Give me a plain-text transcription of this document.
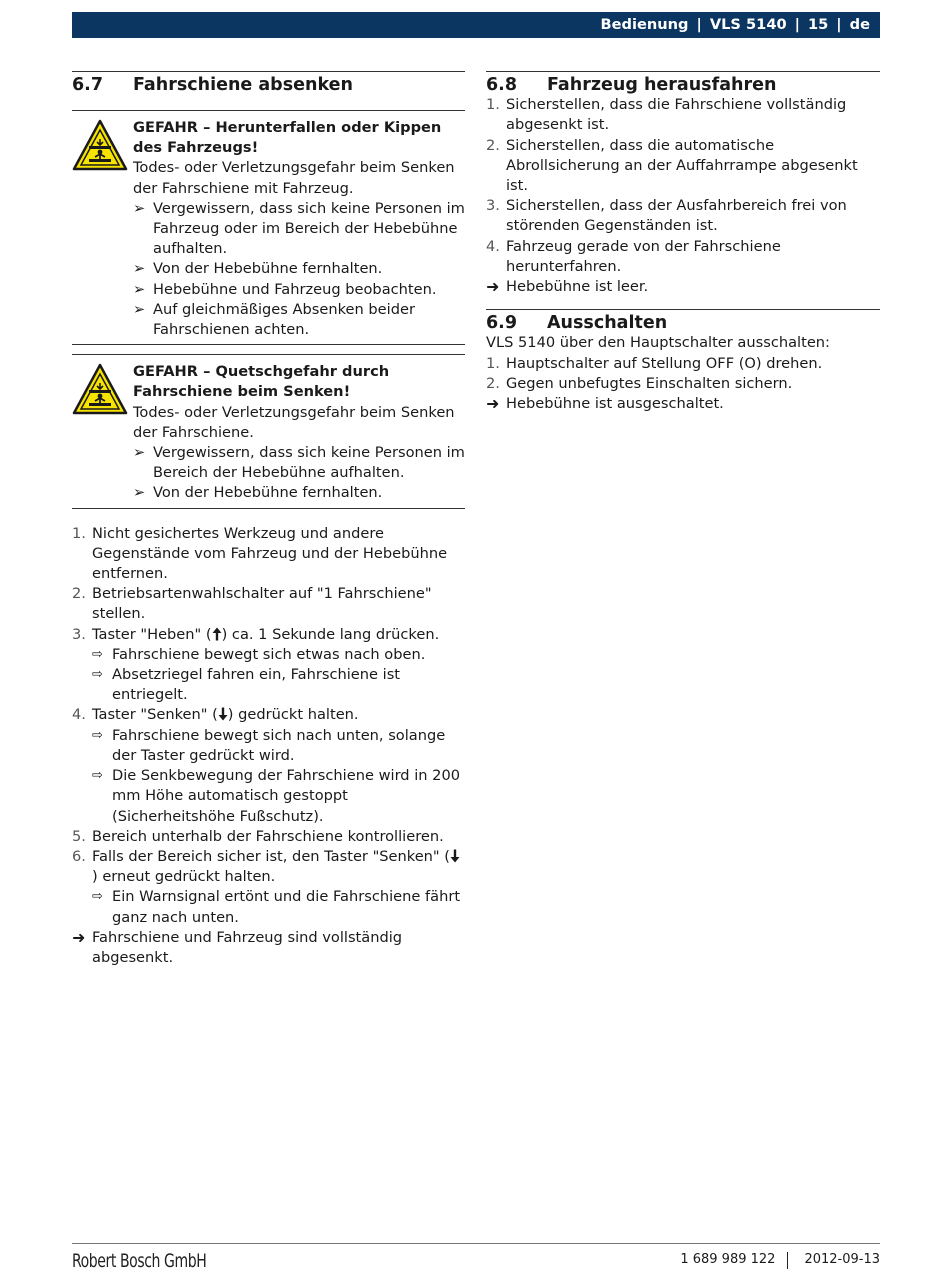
Bedienung | VLS 5140 | 15 | de
6.7	Fahrschiene absenken
GEFAHR – Herunterfallen oder Kippen des Fahrzeugs!
Todes- oder Verletzungsgefahr beim Senken der Fahrschiene mit Fahrzeug.
➢ Vergewissern, dass sich keine Personen im Fahrzeug oder im Bereich der Hebebühne aufhalten.
➢ Von der Hebebühne fernhalten.
➢ Hebebühne und Fahrzeug beobachten.
➢ Auf gleichmäßiges Absenken beider Fahrschienen achten.
GEFAHR – Quetschgefahr durch Fahrschiene beim Senken!
Todes- oder Verletzungsgefahr beim Senken der Fahrschiene.
➢ Vergewissern, dass sich keine Personen im Bereich der Hebebühne aufhalten.
➢ Von der Hebebühne fernhalten.
1. Nicht gesichertes Werkzeug und andere Gegenstände vom Fahrzeug und der Hebebühne entfernen.
2. Betriebsartenwahlschalter auf "1 Fahrschiene" stellen.
3. Taster "Heben" ( ) ca. 1 Sekunde lang drücken.
⇨ Fahrschiene bewegt sich etwas nach oben.
⇨ Absetzriegel fahren ein, Fahrschiene ist entriegelt.
4. Taster "Senken" ( ) gedrückt halten.
⇨ Fahrschiene bewegt sich nach unten, solange der Taster gedrückt wird.
⇨ Die Senkbewegung der Fahrschiene wird in 200 mm Höhe automatisch gestoppt (Sicherheitshöhe Fußschutz).
5. Bereich unterhalb der Fahrschiene kontrollieren.
6. Falls der Bereich sicher ist, den Taster "Senken" () erneut gedrückt halten.
⇨ Ein Warnsignal ertönt und die Fahrschiene fährt ganz nach unten.
➜ Fahrschiene und Fahrzeug sind vollständig abgesenkt.
6.8	Fahrzeug herausfahren
1. Sicherstellen, dass die Fahrschiene vollständig abgesenkt ist.
2. Sicherstellen, dass die automatische Abrollsicherung an der Auffahrrampe abgesenkt ist.
3. Sicherstellen, dass der Ausfahrbereich frei von störenden Gegenständen ist.
4. Fahrzeug gerade von der Fahrschiene herunterfahren.
➜ Hebebühne ist leer.
6.9	Ausschalten
VLS 5140 über den Hauptschalter ausschalten:
1. Hauptschalter auf Stellung OFF (O) drehen.
2. Gegen unbefugtes Einschalten sichern.
➜ Hebebühne ist ausgeschaltet.
Robert Bosch GmbH	1 689 989 122 2012-09-13
